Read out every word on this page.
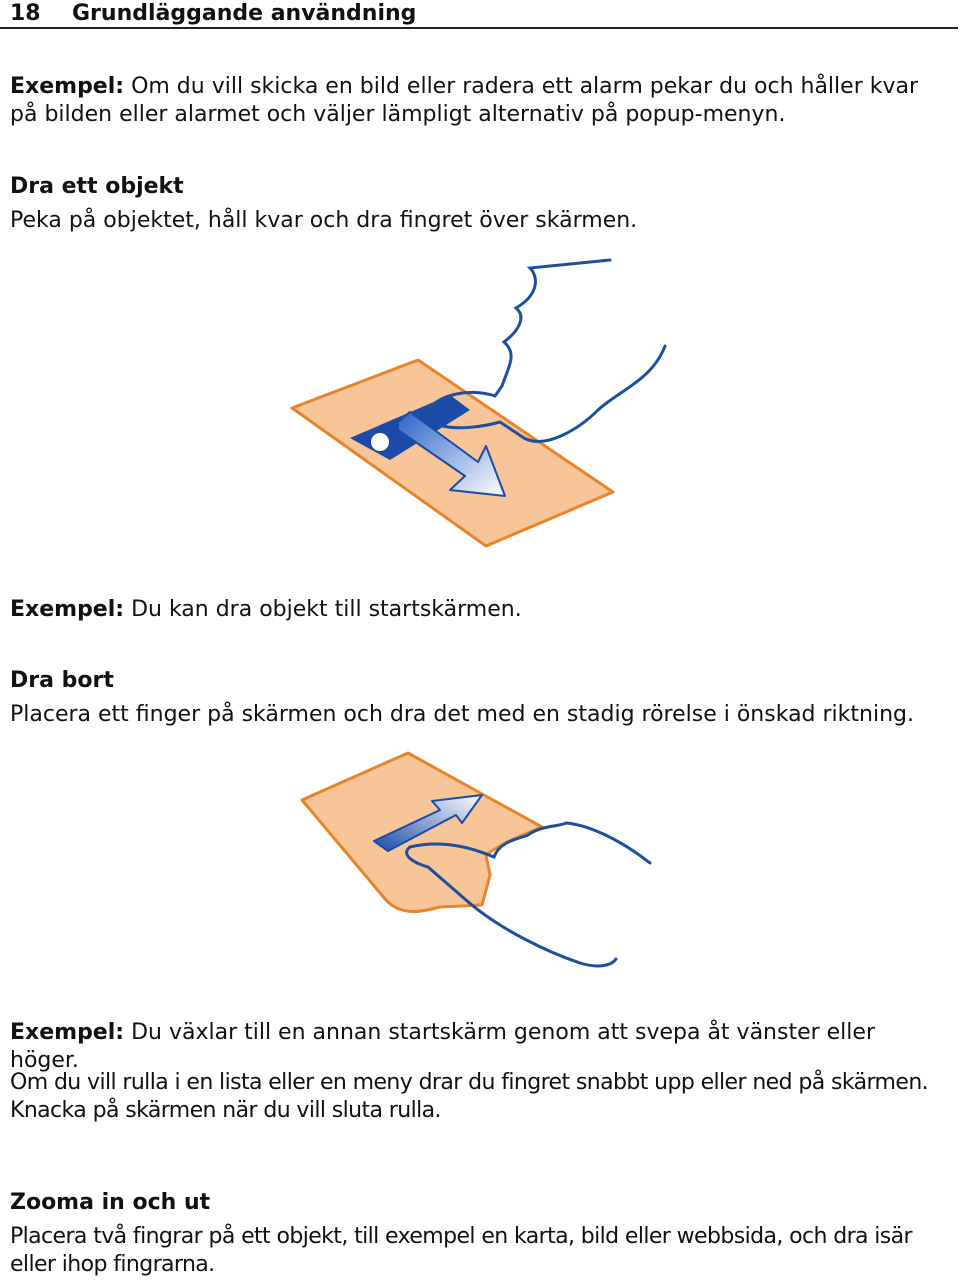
18 Grundläggande användning
Exempel: Om du vill skicka en bild eller radera ett alarm pekar du och håller kvar på bilden eller alarmet och väljer lämpligt alternativ på popup-menyn.
Dra ett objekt
Peka på objektet, håll kvar och dra fingret över skärmen.
Exempel: Du kan dra objekt till startskärmen.
Dra bort
Placera ett finger på skärmen och dra det med en stadig rörelse i önskad riktning.
Exempel: Du växlar till en annan startskärm genom att svepa åt vänster eller höger.
Om du vill rulla i en lista eller en meny drar du fingret snabbt upp eller ned på skärmen. Knacka på skärmen när du vill sluta rulla.
Zooma in och ut
Placera två fingrar på ett objekt, till exempel en karta, bild eller webbsida, och dra isär eller ihop fingrarna.
